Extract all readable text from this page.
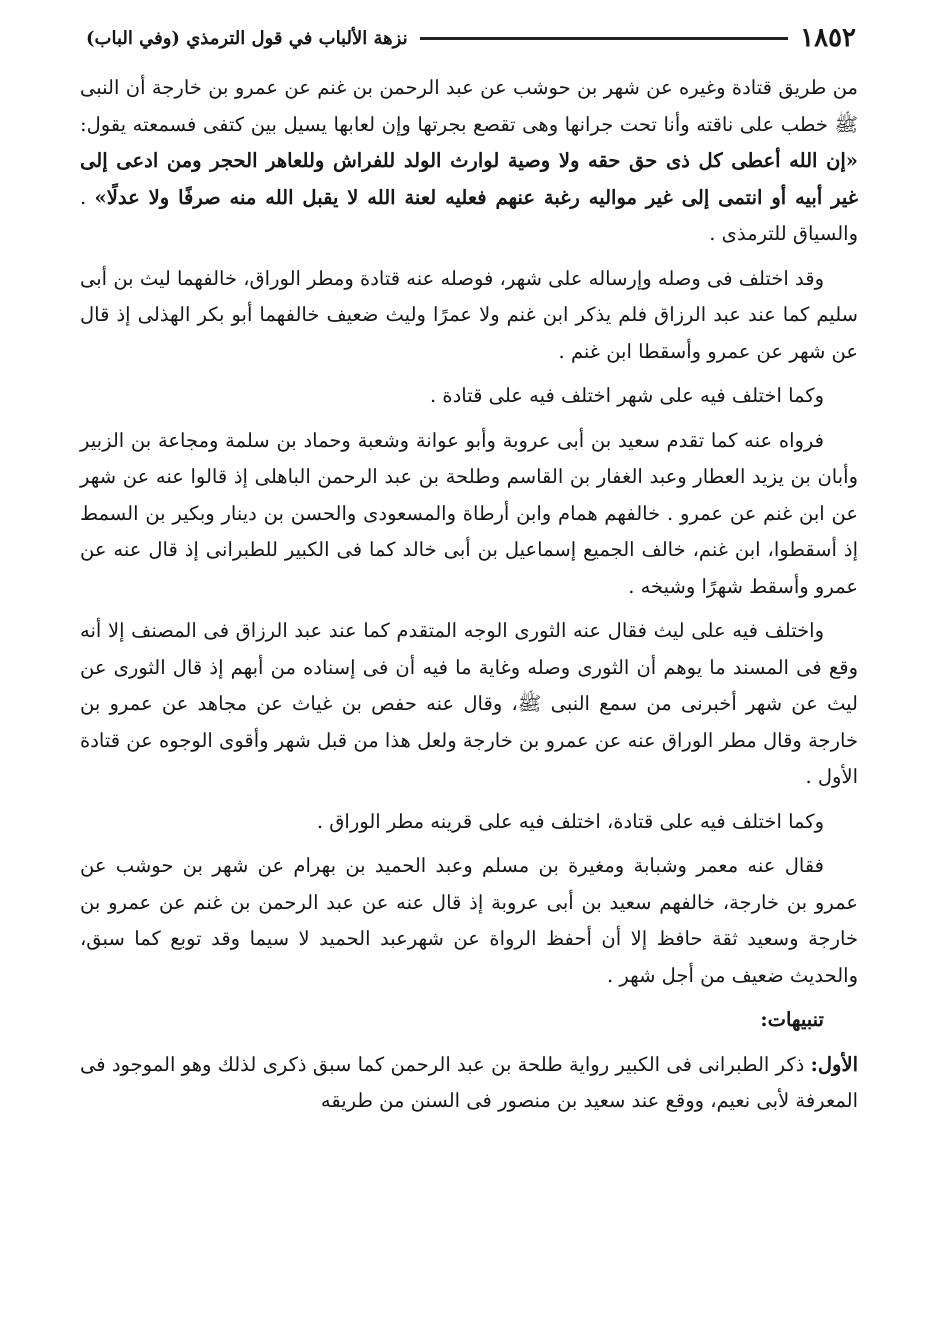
١٨٥٢
نزهة الألباب في قول الترمذي (وفي الباب)

من طريق قتادة وغيره عن شهر بن حوشب عن عبد الرحمن بن غنم عن عمرو بن خارجة أن النبى ﷺ خطب على ناقته وأنا تحت جرانها وهى تقصع بجرتها وإن لعابها يسيل بين كتفى فسمعته يقول: «إن الله أعطى كل ذى حق حقه ولا وصية لوارث الولد للفراش وللعاهر الحجر ومن ادعى إلى غير أبيه أو انتمى إلى غير مواليه رغبة عنهم فعليه لعنة الله لا يقبل الله منه صرفًا ولا عدلًا» . والسياق للترمذى .

وقد اختلف فى وصله وإرساله على شهر، فوصله عنه قتادة ومطر الوراق، خالفهما ليث بن أبى سليم كما عند عبد الرزاق فلم يذكر ابن غنم ولا عمرًا وليث ضعيف خالفهما أبو بكر الهذلى إذ قال عن شهر عن عمرو وأسقطا ابن غنم .

وكما اختلف فيه على شهر اختلف فيه على قتادة .

فرواه عنه كما تقدم سعيد بن أبى عروبة وأبو عوانة وشعبة وحماد بن سلمة ومجاعة بن الزبير وأبان بن يزيد العطار وعبد الغفار بن القاسم وطلحة بن عبد الرحمن الباهلى إذ قالوا عنه عن شهر عن ابن غنم عن عمرو . خالفهم همام وابن أرطاة والمسعودى والحسن بن دينار وبكير بن السمط إذ أسقطوا، ابن غنم، خالف الجميع إسماعيل بن أبى خالد كما فى الكبير للطبرانى إذ قال عنه عن عمرو وأسقط شهرًا وشيخه .

واختلف فيه على ليث فقال عنه الثورى الوجه المتقدم كما عند عبد الرزاق فى المصنف إلا أنه وقع فى المسند ما يوهم أن الثورى وصله وغاية ما فيه أن فى إسناده من أبهم إذ قال الثورى عن ليث عن شهر أخبرنى من سمع النبى ﷺ، وقال عنه حفص بن غياث عن مجاهد عن عمرو بن خارجة وقال مطر الوراق عنه عن عمرو بن خارجة ولعل هذا من قبل شهر وأقوى الوجوه عن قتادة الأول .

وكما اختلف فيه على قتادة، اختلف فيه على قرينه مطر الوراق .

فقال عنه معمر وشبابة ومغيرة بن مسلم وعبد الحميد بن بهرام عن شهر بن حوشب عن عمرو بن خارجة، خالفهم سعيد بن أبى عروبة إذ قال عنه عن عبد الرحمن بن غنم عن عمرو بن خارجة وسعيد ثقة حافظ إلا أن أحفظ الرواة عن شهرعبد الحميد لا سيما وقد توبع كما سبق، والحديث ضعيف من أجل شهر .

تنبيهات:

الأول: ذكر الطبرانى فى الكبير رواية طلحة بن عبد الرحمن كما سبق ذكرى لذلك وهو الموجود فى المعرفة لأبى نعيم، ووقع عند سعيد بن منصور فى السنن من طريقه
